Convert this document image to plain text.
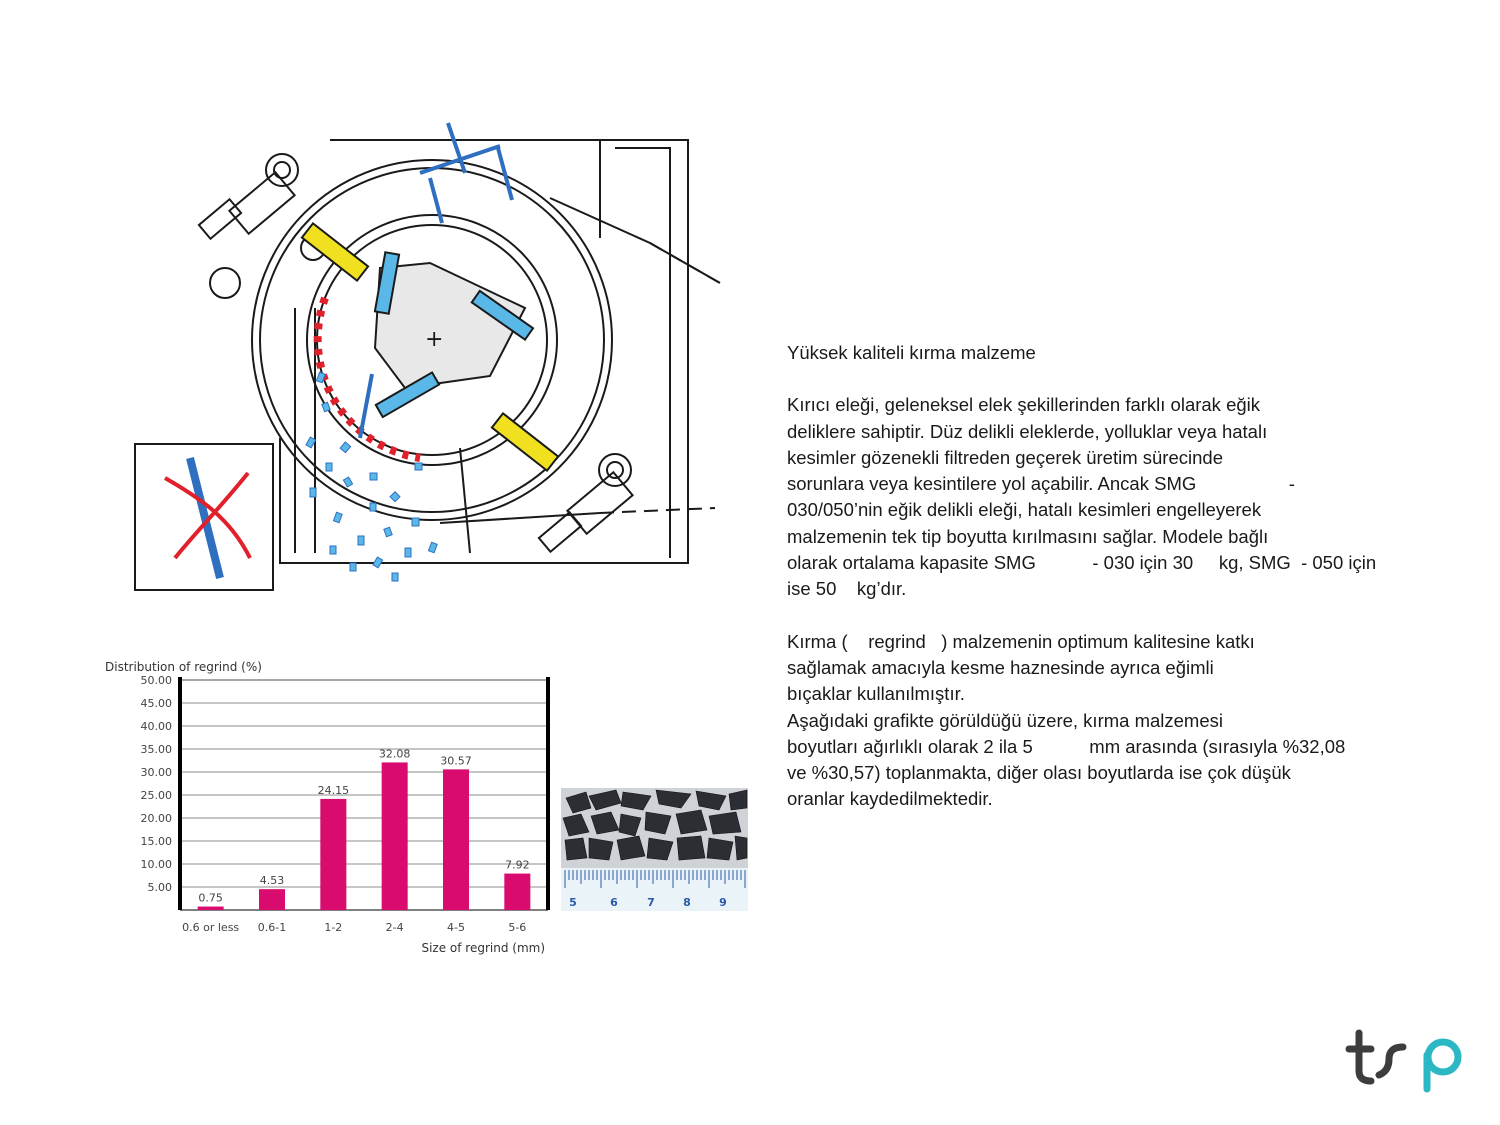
+

Yüksek kaliteli kırma malzeme

Kırıcı eleği, geleneksel elek şekillerinden farklı olarak eğik

deliklere sahiptir. Düz delikli eleklerde, yolluklar veya hatalı

kesimler gözenekli filtreden geçerek üretim sürecinde

sorunlara veya kesintilere yol açabilir. Ancak SMG                  -

030/050’nin eğik delikli eleği, hatalı kesimleri engelleyerek

malzemenin tek tip boyutta kırılmasını sağlar. Modele bağlı

olarak ortalama kapasite SMG           - 030 için 30     kg, SMG  - 050 için

ise 50    kg’dır.

Kırma (    regrind   ) malzemenin optimum kalitesine katkı

sağlamak amacıyla kesme haznesinde ayrıca eğimli

bıçaklar kullanılmıştır.

Aşağıdaki grafikte görüldüğü üzere, kırma malzemesi

boyutları ağırlıklı olarak 2 ila 5           mm arasında (sırasıyla %32,08

ve %30,57) toplanmakta, diğer olası boyutlarda ise çok düşük

oranlar kaydedilmektedir.

Distribution of regrind (%)
Size of regrind (mm)
5.00
10.00
15.00
20.00
25.00
30.00
35.00
40.00
45.00
50.00
0.75
4.53
24.15
32.08
30.57
7.92
0.6 or less 0.6-1	1-2	2-4	4-5	5-6
5	6	7	8	9
